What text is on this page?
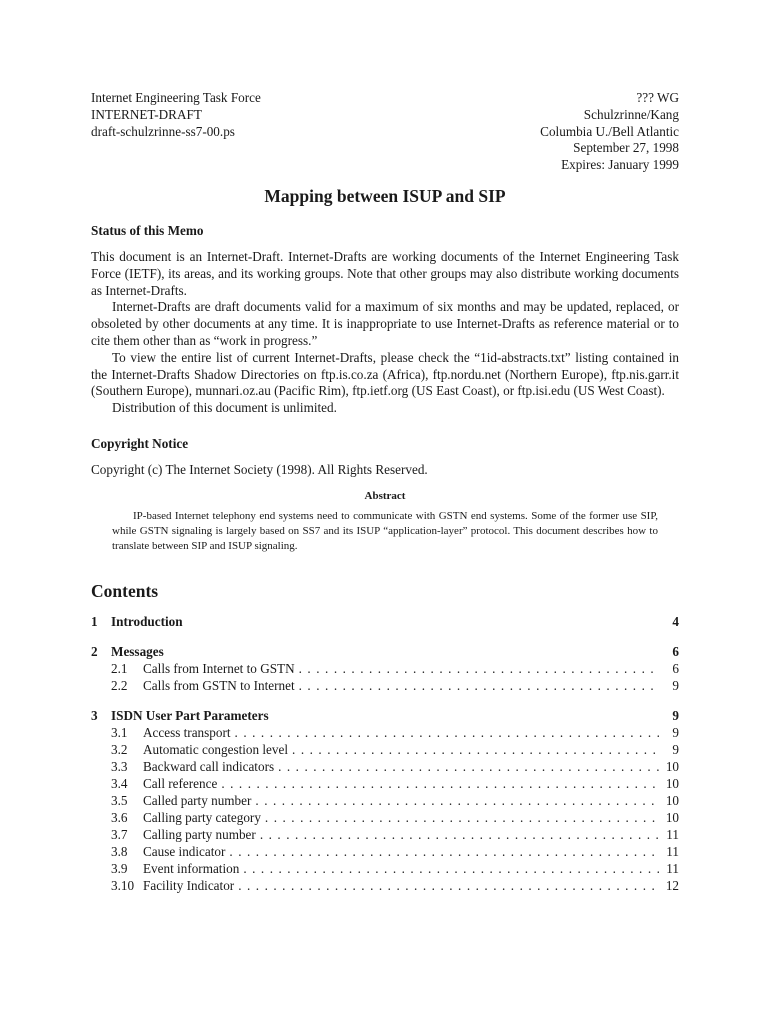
Internet Engineering Task Force
INTERNET-DRAFT
draft-schulzrinne-ss7-00.ps
??? WG
Schulzrinne/Kang
Columbia U./Bell Atlantic
September 27, 1998
Expires: January 1999
Mapping between ISUP and SIP
Status of this Memo

This document is an Internet-Draft. Internet-Drafts are working documents of the Internet Engineering Task Force (IETF), its areas, and its working groups. Note that other groups may also distribute working documents as Internet-Drafts.

Internet-Drafts are draft documents valid for a maximum of six months and may be updated, replaced, or obsoleted by other documents at any time. It is inappropriate to use Internet-Drafts as reference material or to cite them other than as “work in progress.”

To view the entire list of current Internet-Drafts, please check the “1id-abstracts.txt” listing contained in the Internet-Drafts Shadow Directories on ftp.is.co.za (Africa), ftp.nordu.net (Northern Europe), ftp.nis.garr.it (Southern Europe), munnari.oz.au (Pacific Rim), ftp.ietf.org (US East Coast), or ftp.isi.edu (US West Coast).

Distribution of this document is unlimited.

Copyright Notice

Copyright (c) The Internet Society (1998). All Rights Reserved.

Abstract

IP-based Internet telephony end systems need to communicate with GSTN end systems. Some of the former use SIP, while GSTN signaling is largely based on SS7 and its ISUP “application-layer” protocol. This document describes how to translate between SIP and ISUP signaling.

Contents
1	Introduction	4
2	Messages	6
2.1	Calls from Internet to GSTN . . .	6
2.2	Calls from GSTN to Internet . . .	9
3	ISDN User Part Parameters	9
3.1	Access transport . . .	9
3.2	Automatic congestion level . . .	9
3.3	Backward call indicators . . .	10
3.4	Call reference . . .	10
3.5	Called party number . . .	10
3.6	Calling party category . . .	10
3.7	Calling party number . . .	11
3.8	Cause indicator . . .	11
3.9	Event information . . .	11
3.10 Facility Indicator . . .	12
